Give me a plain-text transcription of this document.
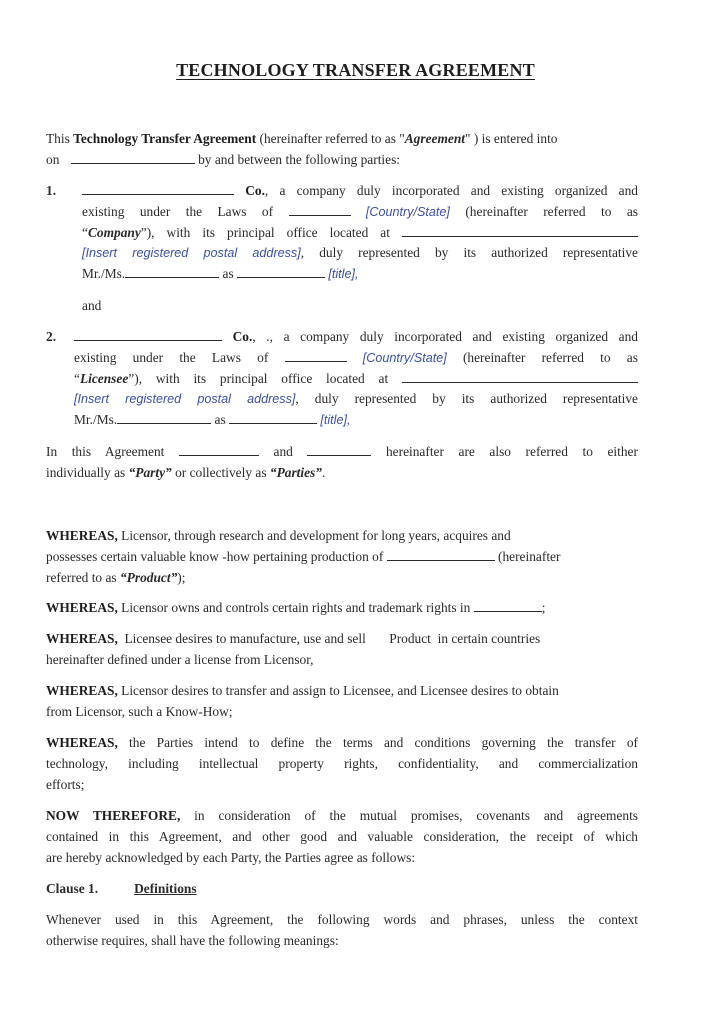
TECHNOLOGY TRANSFER AGREEMENT
This Technology Transfer Agreement (hereinafter referred to as "Agreement" ) is entered into
on	by and between the following parties:
1.	Co., a company duly incorporated and existing organized and
existing under the Laws of	[Country/State] (hereinafter referred to as
“Company”), with its principal office located at
[Insert registered postal address], duly represented by its authorized representative
Mr./Ms.	as	[title],
and
2.	Co., ., a company duly incorporated and existing organized and
existing under the Laws of	[Country/State] (hereinafter referred to as
“Licensee”), with its principal office located at
[Insert registered postal address], duly represented by its authorized representative
Mr./Ms.	as	[title],
In this Agreement	and	hereinafter are also referred to either
individually as “Party” or collectively as “Parties”.
WHEREAS, Licensor, through research and development for long years, acquires and
possesses certain valuable know -how pertaining production of	(hereinafter
referred to as “Product”);
WHEREAS, Licensor owns and controls certain rights and trademark rights in	;
WHEREAS,  Licensee desires to manufacture, use and sell       Product  in certain countries
hereinafter defined under a license from Licensor,
WHEREAS, Licensor desires to transfer and assign to Licensee, and Licensee desires to obtain
from Licensor, such a Know-How;
WHEREAS, the Parties intend to define the terms and conditions governing the transfer of
technology, including intellectual property rights, confidentiality, and commercialization
efforts;
NOW THEREFORE, in consideration of the mutual promises, covenants and agreements
contained in this Agreement, and other good and valuable consideration, the receipt of which
are hereby acknowledged by each Party, the Parties agree as follows:
Clause 1.	Definitions
Whenever used in this Agreement, the following words and phrases, unless the context
otherwise requires, shall have the following meanings:
